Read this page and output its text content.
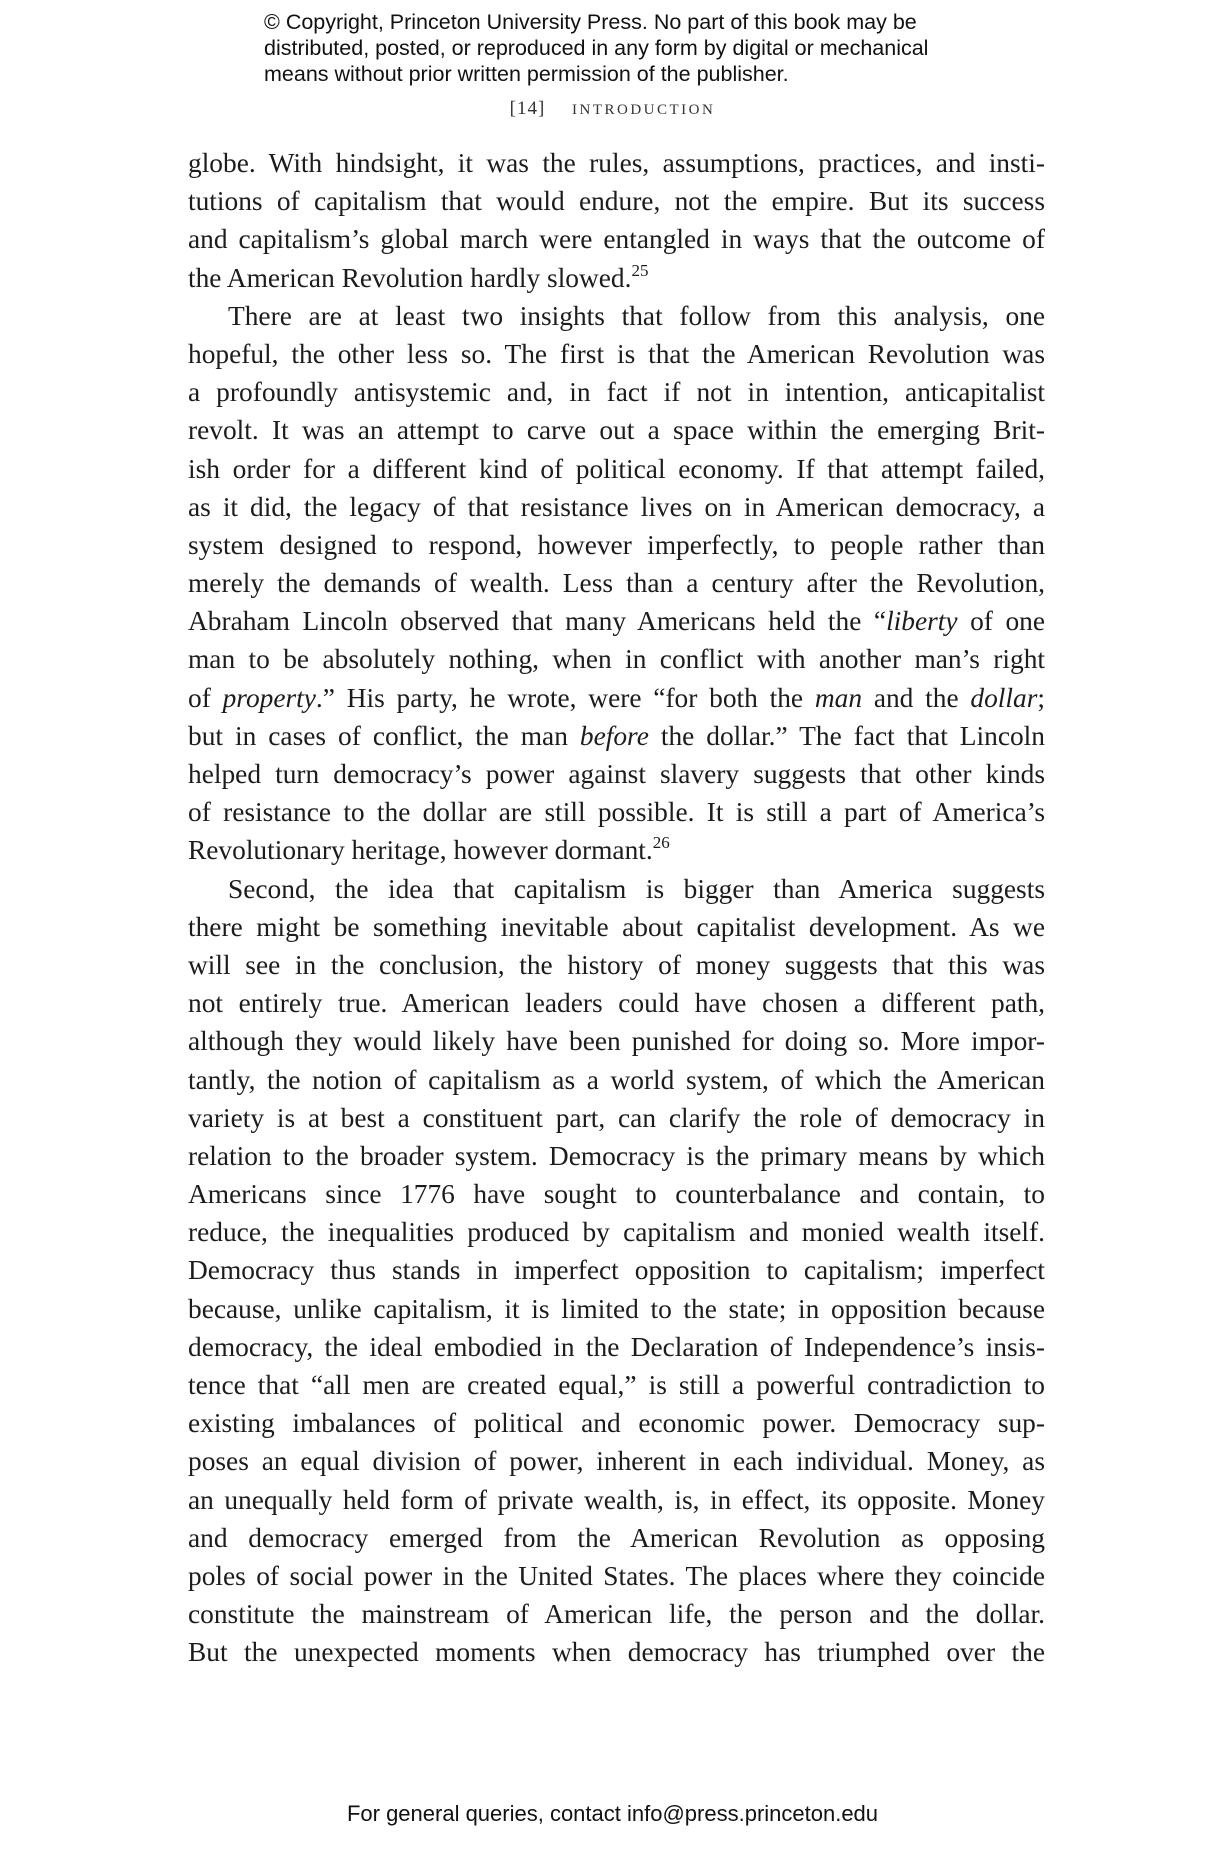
© Copyright, Princeton University Press. No part of this book may be
distributed, posted, or reproduced in any form by digital or mechanical
means without prior written permission of the publisher.
[14] introduction
globe. With hindsight, it was the rules, assumptions, practices, and insti-
tutions of capitalism that would endure, not the empire. But its success
and capitalism’s global march were entangled in ways that the outcome of
the American Revolution hardly slowed.$^{25}$
There are at least two insights that follow from this analysis, one
hopeful, the other less so. The first is that the American Revolution was
a profoundly antisystemic and, in fact if not in intention, anticapitalist
revolt. It was an attempt to carve out a space within the emerging Brit-
ish order for a different kind of political economy. If that attempt failed,
as it did, the legacy of that resistance lives on in American democracy, a
system designed to respond, however imperfectly, to people rather than
merely the demands of wealth. Less than a century after the Revolution,
Abraham Lincoln observed that many Americans held the “liberty of one
man to be absolutely nothing, when in conflict with another man’s right
of property.” His party, he wrote, were “for both the man and the dollar;
but in cases of conflict, the man before the dollar.” The fact that Lincoln
helped turn democracy’s power against slavery suggests that other kinds
of resistance to the dollar are still possible. It is still a part of America’s
Revolutionary heritage, however dormant.$^{26}$
Second, the idea that capitalism is bigger than America suggests
there might be something inevitable about capitalist development. As we
will see in the conclusion, the history of money suggests that this was
not entirely true. American leaders could have chosen a different path,
although they would likely have been punished for doing so. More impor-
tantly, the notion of capitalism as a world system, of which the American
variety is at best a constituent part, can clarify the role of democracy in
relation to the broader system. Democracy is the primary means by which
Americans since 1776 have sought to counterbalance and contain, to
reduce, the inequalities produced by capitalism and monied wealth itself.
Democracy thus stands in imperfect opposition to capitalism; imperfect
because, unlike capitalism, it is limited to the state; in opposition because
democracy, the ideal embodied in the Declaration of Independence’s insis-
tence that “all men are created equal,” is still a powerful contradiction to
existing imbalances of political and economic power. Democracy sup-
poses an equal division of power, inherent in each individual. Money, as
an unequally held form of private wealth, is, in effect, its opposite. Money
and democracy emerged from the American Revolution as opposing
poles of social power in the United States. The places where they coincide
constitute the mainstream of American life, the person and the dollar.
But the unexpected moments when democracy has triumphed over the
For general queries, contact info@press.princeton.edu
